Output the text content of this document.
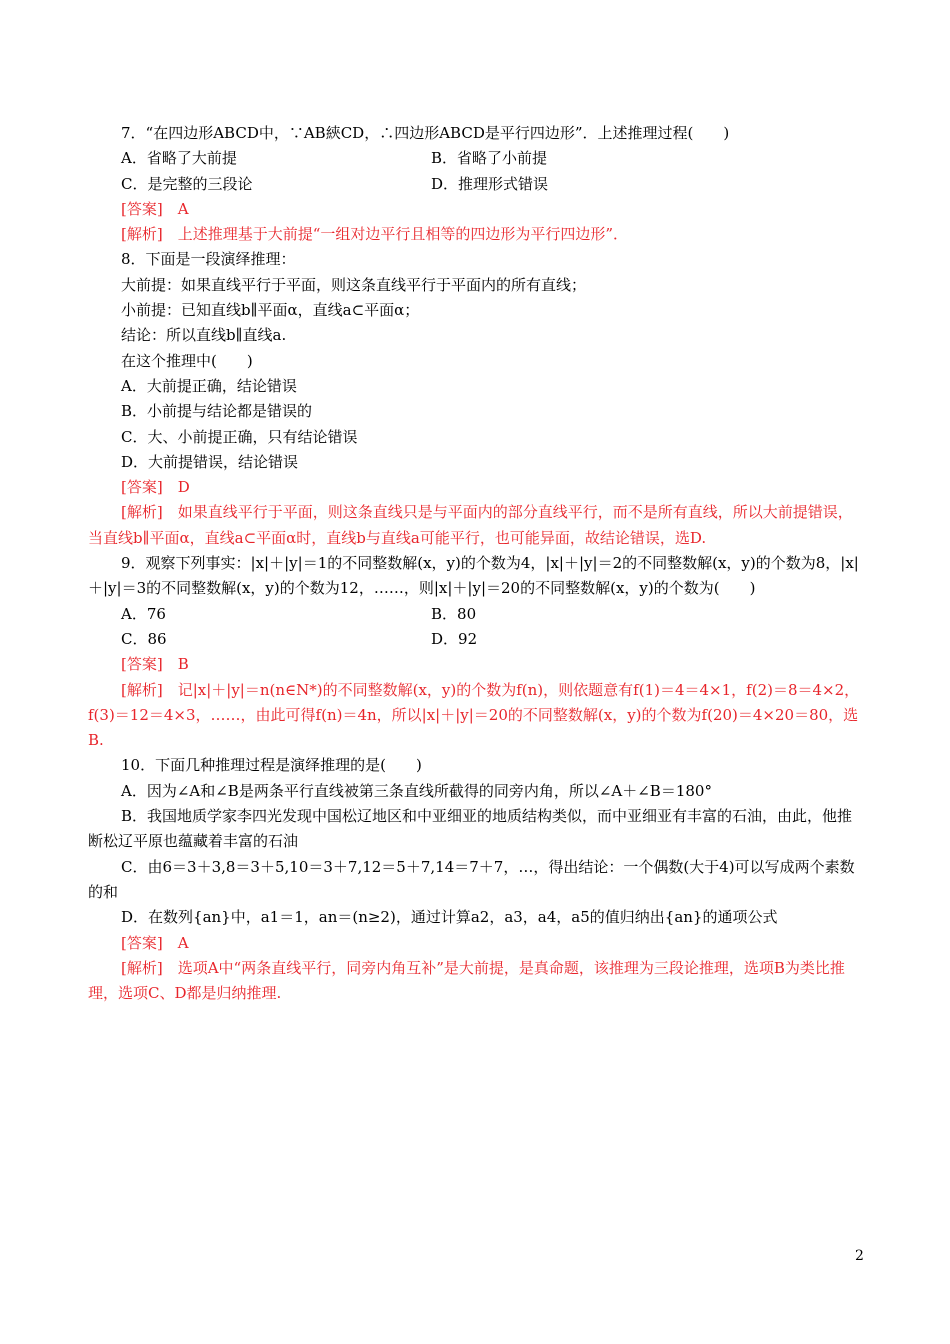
7．“在四边形ABCD中，∵AB綊CD，∴四边形ABCD是平行四边形”．上述推理过程(　　)
A．省略了大前提	B．省略了小前提
C．是完整的三段论	D．推理形式错误
[答案]　A
[解析]　上述推理基于大前提“一组对边平行且相等的四边形为平行四边形”．
8．下面是一段演绎推理：
大前提：如果直线平行于平面，则这条直线平行于平面内的所有直线；
小前提：已知直线b∥平面α，直线a⊂平面α；
结论：所以直线b∥直线a.
在这个推理中(　　)
A．大前提正确，结论错误
B．小前提与结论都是错误的
C．大、小前提正确，只有结论错误
D．大前提错误，结论错误
[答案]　D
[解析]　如果直线平行于平面，则这条直线只是与平面内的部分直线平行，而不是所有直线，所以大前提错误，当直线b∥平面α，直线a⊂平面α时，直线b与直线a可能平行，也可能异面，故结论错误，选D.
9．观察下列事实：|x|＋|y|＝1的不同整数解(x，y)的个数为4，|x|＋|y|＝2的不同整数解(x，y)的个数为8，|x|＋|y|＝3的不同整数解(x，y)的个数为12，……，则|x|＋|y|＝20的不同整数解(x，y)的个数为(　　)
A．76	B．80
C．86	D．92
[答案]　B
[解析]　记|x|＋|y|＝n(n∈N*)的不同整数解(x，y)的个数为f(n)，则依题意有f(1)＝4＝4×1，f(2)＝8＝4×2，f(3)＝12＝4×3，……，由此可得f(n)＝4n，所以|x|＋|y|＝20的不同整数解(x，y)的个数为f(20)＝4×20＝80，选B.
10．下面几种推理过程是演绎推理的是(　　)
A．因为∠A和∠B是两条平行直线被第三条直线所截得的同旁内角，所以∠A＋∠B＝180°
B．我国地质学家李四光发现中国松辽地区和中亚细亚的地质结构类似，而中亚细亚有丰富的石油，由此，他推断松辽平原也蕴藏着丰富的石油
C．由6＝3＋3,8＝3＋5,10＝3＋7,12＝5＋7,14＝7＋7，…，得出结论：一个偶数(大于4)可以写成两个素数的和
D．在数列{an}中，a1＝1，an＝(n≥2)，通过计算a2，a3，a4，a5的值归纳出{an}的通项公式
[答案]　A
[解析]　选项A中“两条直线平行，同旁内角互补”是大前提，是真命题，该推理为三段论推理，选项B为类比推理，选项C、D都是归纳推理.
2
